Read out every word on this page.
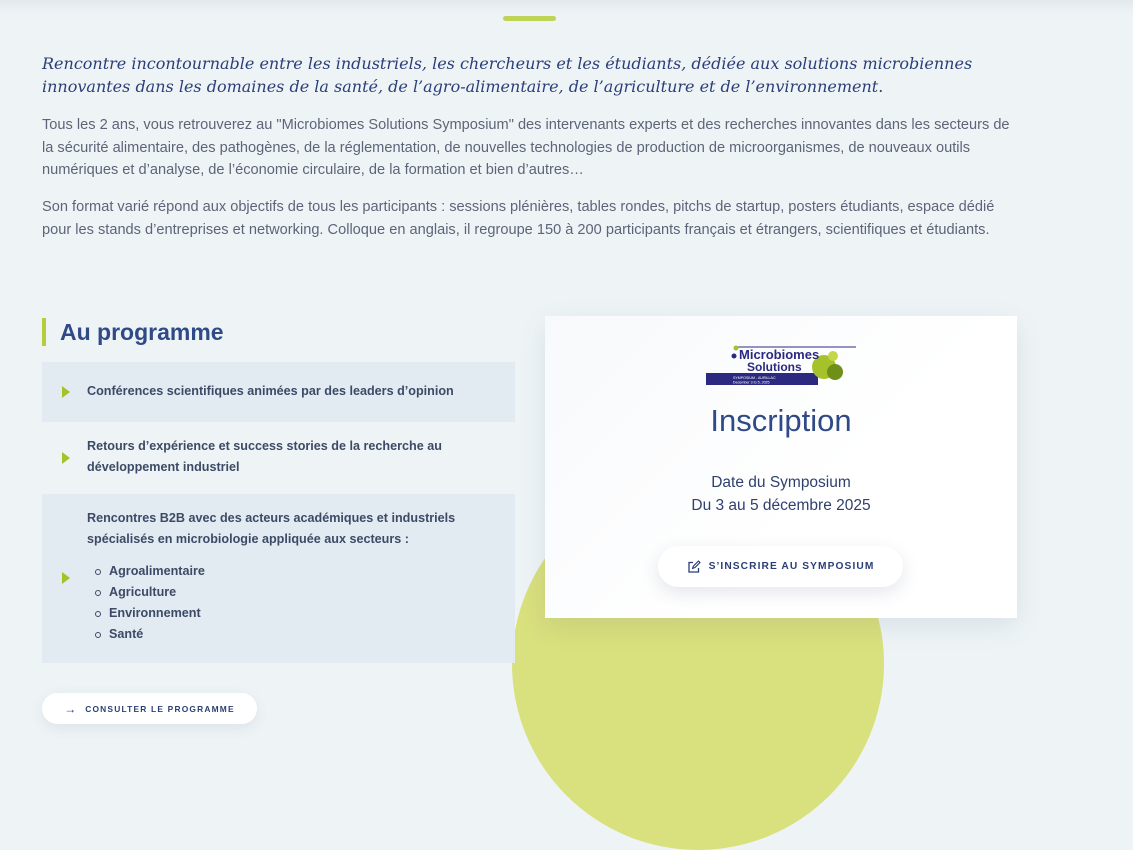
Rencontre incontournable entre les industriels, les chercheurs et les étudiants, dédiée aux solutions microbiennes innovantes dans les domaines de la santé, de l’agro-alimentaire, de l’agriculture et de l’environnement.

Tous les 2 ans, vous retrouverez au "Microbiomes Solutions Symposium" des intervenants experts et des recherches innovantes dans les secteurs de la sécurité alimentaire, des pathogènes, de la réglementation, de nouvelles technologies de production de microorganismes, de nouveaux outils numériques et d’analyse, de l’économie circulaire, de la formation et bien d’autres…

Son format varié répond aux objectifs de tous les participants : sessions plénières, tables rondes, pitchs de startup, posters étudiants, espace dédié pour les stands d’entreprises et networking. Colloque en anglais, il regroupe 150 à 200 participants français et étrangers, scientifiques et étudiants.

Au programme
Conférences scientifiques animées par des leaders d’opinion
Retours d’expérience et success stories de la recherche au développement industriel
Rencontres B2B avec des acteurs académiques et industriels spécialisés en microbiologie appliquée aux secteurs :
Agroalimentaire
Agriculture
Environnement
Santé
→ CONSULTER LE PROGRAMME
Microbiomes
Solutions
SYMPOSIUM - AURILLAC
December 3 to 5, 2025
Inscription
Date du Symposium
Du 3 au 5 décembre 2025
S’INSCRIRE AU SYMPOSIUM
